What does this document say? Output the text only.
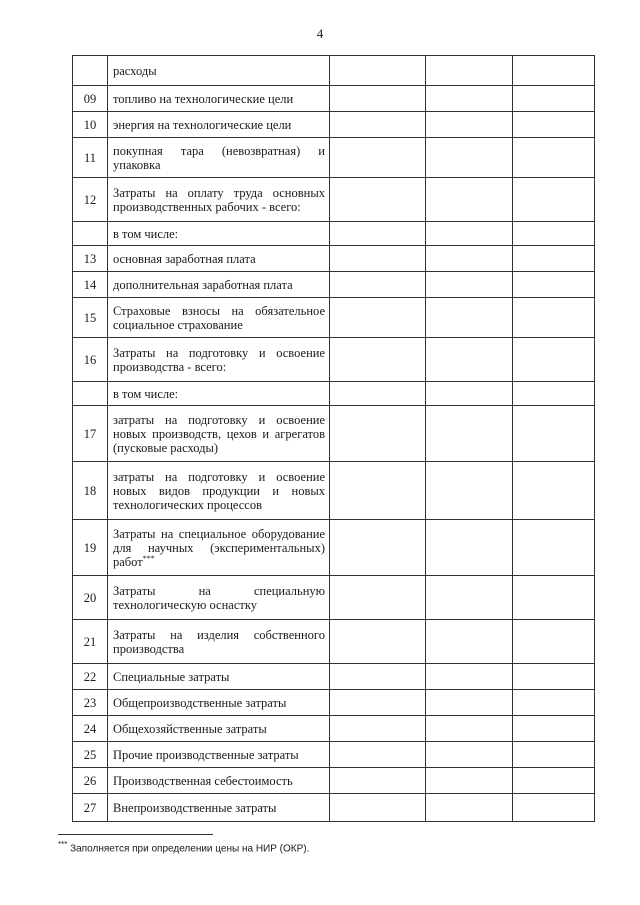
4
	расходы			
09	топливо на технологические цели			
10	энергия на технологические цели			
11	покупная тара (невозвратная) и упаковка			
12	Затраты на оплату труда основных производственных рабочих - всего:			
	в том числе:			
13	основная заработная плата			
14	дополнительная заработная плата			
15	Страховые взносы на обязательное социальное страхование			
16	Затраты на подготовку и освоение производства - всего:			
	в том числе:			
17	затраты на подготовку и освоение новых производств, цехов и агрегатов (пусковые расходы)			
18	затраты на подготовку и освоение новых видов продукции и новых технологических процессов			
19	Затраты на специальное оборудование для научных (экспериментальных) работ***			
20	Затраты на специальную технологическую оснастку			
21	Затраты на изделия собственного производства			
22	Специальные затраты			
23	Общепроизводственные затраты			
24	Общехозяйственные затраты			
25	Прочие производственные затраты			
26	Производственная себестоимость			
27	Внепроизводственные затраты			
*** Заполняется при определении цены на НИР (ОКР).
